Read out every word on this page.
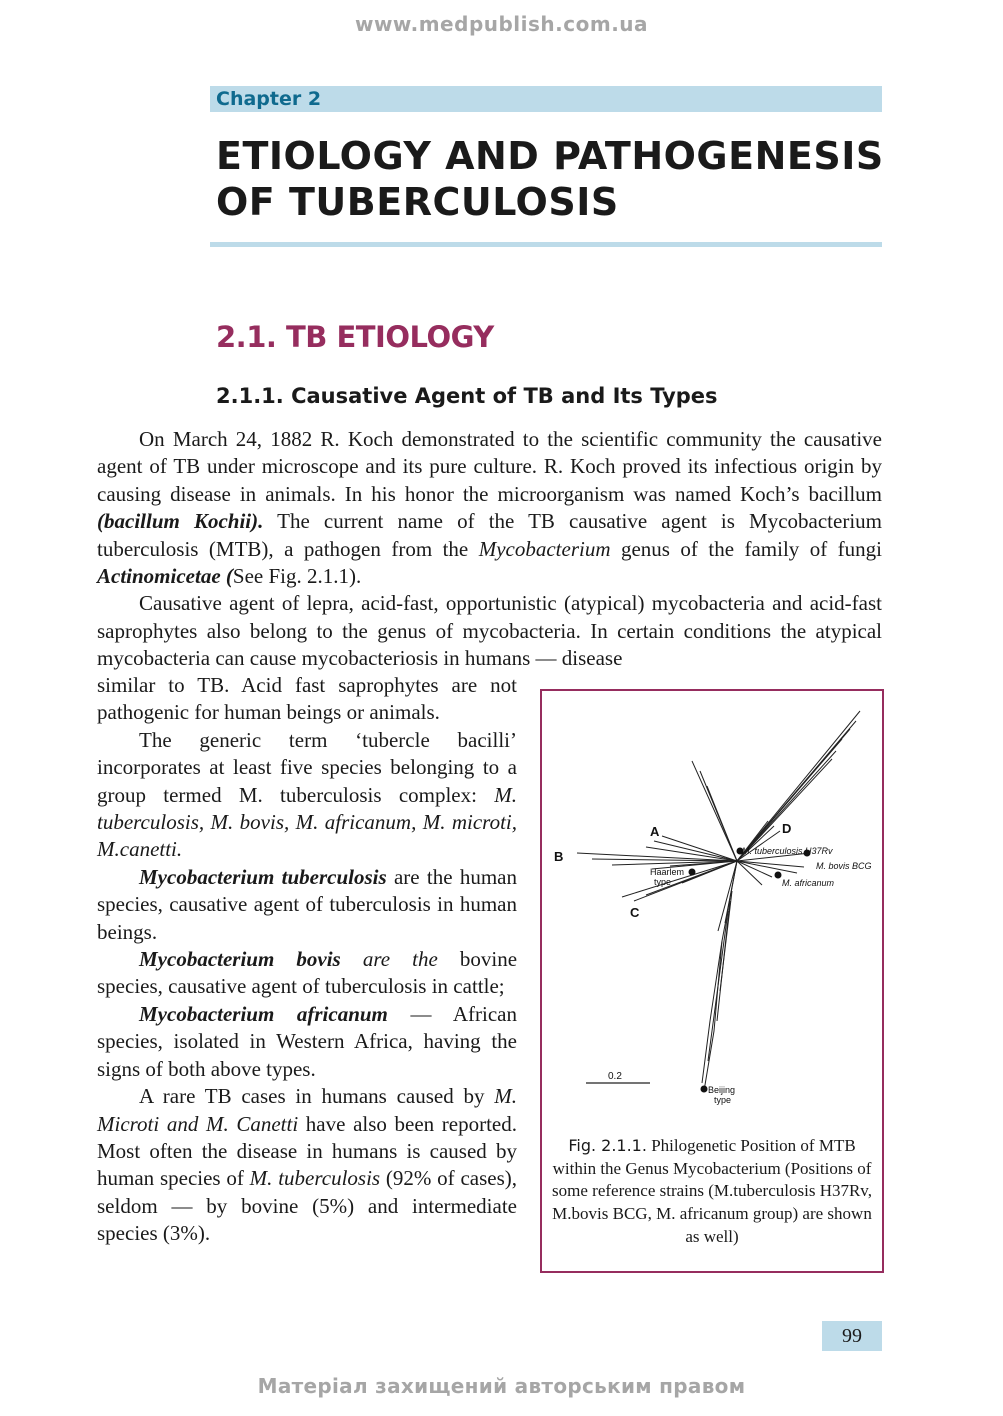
www.medpublish.com.ua
Chapter 2
ETIOLOGY AND PATHOGENESIS
OF TUBERCULOSIS
2.1. TB ETIOLOGY
2.1.1. Causative Agent of TB and Its Types

On March 24, 1882 R. Koch demonstrated to the scientific community the causative agent of TB under microscope and its pure culture. R. Koch proved its infectious origin by causing disease in animals. In his honor the microorganism was named Koch’s bacillum (bacillum Kochii). The current name of the TB causative agent is Mycobacterium tuberculosis (MTB), a pathogen from the Mycobacterium genus of the family of fungi Actinomicetae (See Fig. 2.1.1).

Causative agent of lepra, acid-fast, opportunistic (atypical) mycobacteria and acid-fast saprophytes also belong to the genus of mycobacteria. In certain conditions the atypical mycobacteria can cause mycobacteriosis in humans — disease

similar to TB. Acid fast saprophytes are not pathogenic for human beings or animals.

The generic term ‘tubercle bacilli’ incorporates at least five species belonging to a group termed M. tuberculosis complex: M. tuberculosis, M. bovis, M. africanum, M. microti, M.canetti.

Mycobacterium tuberculosis are the human species, causative agent of tuberculosis in human beings.

Mycobacterium bovis are the bovine species, causative agent of tuberculosis in cattle;

Mycobacterium africanum — African species, isolated in Western Africa, having the signs of both above types.

A rare TB cases in humans caused by M. Microti and M. Canetti have also been reported. Most often the disease in humans is caused by human species of M. tuberculosis (92% of cases), seldom — by bovine (5%) and intermediate species (3%).

A
B
C
D
M. tuberculosis H37Rv
M. bovis BCG
M. africanum
Haarlem
type
Beijing
type
0.2
Fig. 2.1.1. Philogenetic Position of MTB within the Genus Mycobacterium (Positions of some reference strains (M.tuberculosis H37Rv, M.bovis BCG, M. africanum group) are shown as well)
99
Матеріал захищений авторським правом
